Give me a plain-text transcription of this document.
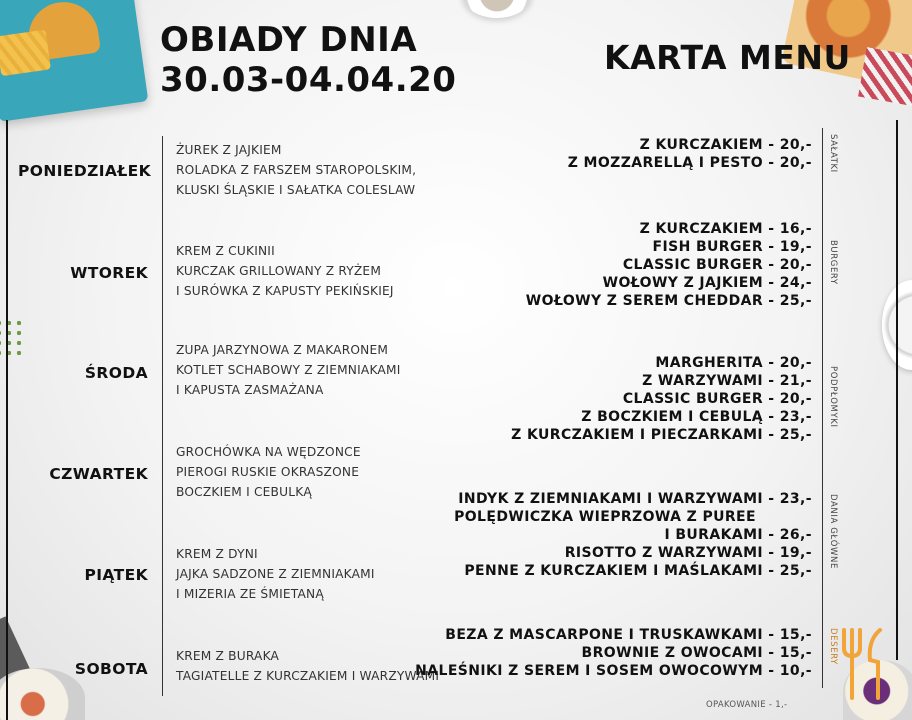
OBIADY DNIA
30.03-04.04.20
KARTA MENU
PONIEDZIAŁEK
ŻUREK Z JAJKIEM
ROLADKA Z FARSZEM STAROPOLSKIM,
KLUSKI ŚLĄSKIE I SAŁATKA COLESLAW
WTOREK
KREM Z CUKINII
KURCZAK GRILLOWANY Z RYŻEM
I SURÓWKA Z KAPUSTY PEKIŃSKIEJ
ŚRODA
ZUPA JARZYNOWA Z MAKARONEM
KOTLET SCHABOWY Z ZIEMNIAKAMI
I KAPUSTA ZASMAŻANA
CZWARTEK
GROCHÓWKA NA WĘDZONCE
PIEROGI RUSKIE OKRASZONE
BOCZKIEM I CEBULKĄ
PIĄTEK
KREM Z DYNI
JAJKA SADZONE Z ZIEMNIAKAMI
I MIZERIA ZE ŚMIETANĄ
SOBOTA
KREM Z BURAKA
TAGIATELLE Z KURCZAKIEM I WARZYWAMI
Z KURCZAKIEM - 20,-
Z MOZZARELLĄ I PESTO - 20,- SAŁATKI
Z KURCZAKIEM - 16,-
FISH BURGER - 19,-
CLASSIC BURGER - 20,-
WOŁOWY Z JAJKIEM - 24,-
WOŁOWY Z SEREM CHEDDAR - 25,-
BURGERY
MARGHERITA - 20,-
Z WARZYWAMI - 21,-
CLASSIC BURGER - 20,-
Z BOCZKIEM I CEBULĄ - 23,-
Z KURCZAKIEM I PIECZARKAMI - 25,-
PODPŁOMYKI
INDYK Z ZIEMNIAKAMI I WARZYWAMI - 23,-
POLĘDWICZKA WIEPRZOWA Z PUREE
I BURAKAMI - 26,-
RISOTTO Z WARZYWAMI - 19,-
PENNE Z KURCZAKIEM I MAŚLAKAMI - 25,-
DANIA GŁÓWNE
BEZA Z MASCARPONE I TRUSKAWKAMI - 15,-
BROWNIE Z OWOCAMI - 15,-
NALEŚNIKI Z SEREM I SOSEM OWOCOWYM - 10,-
DESERY
OPAKOWANIE - 1,-
